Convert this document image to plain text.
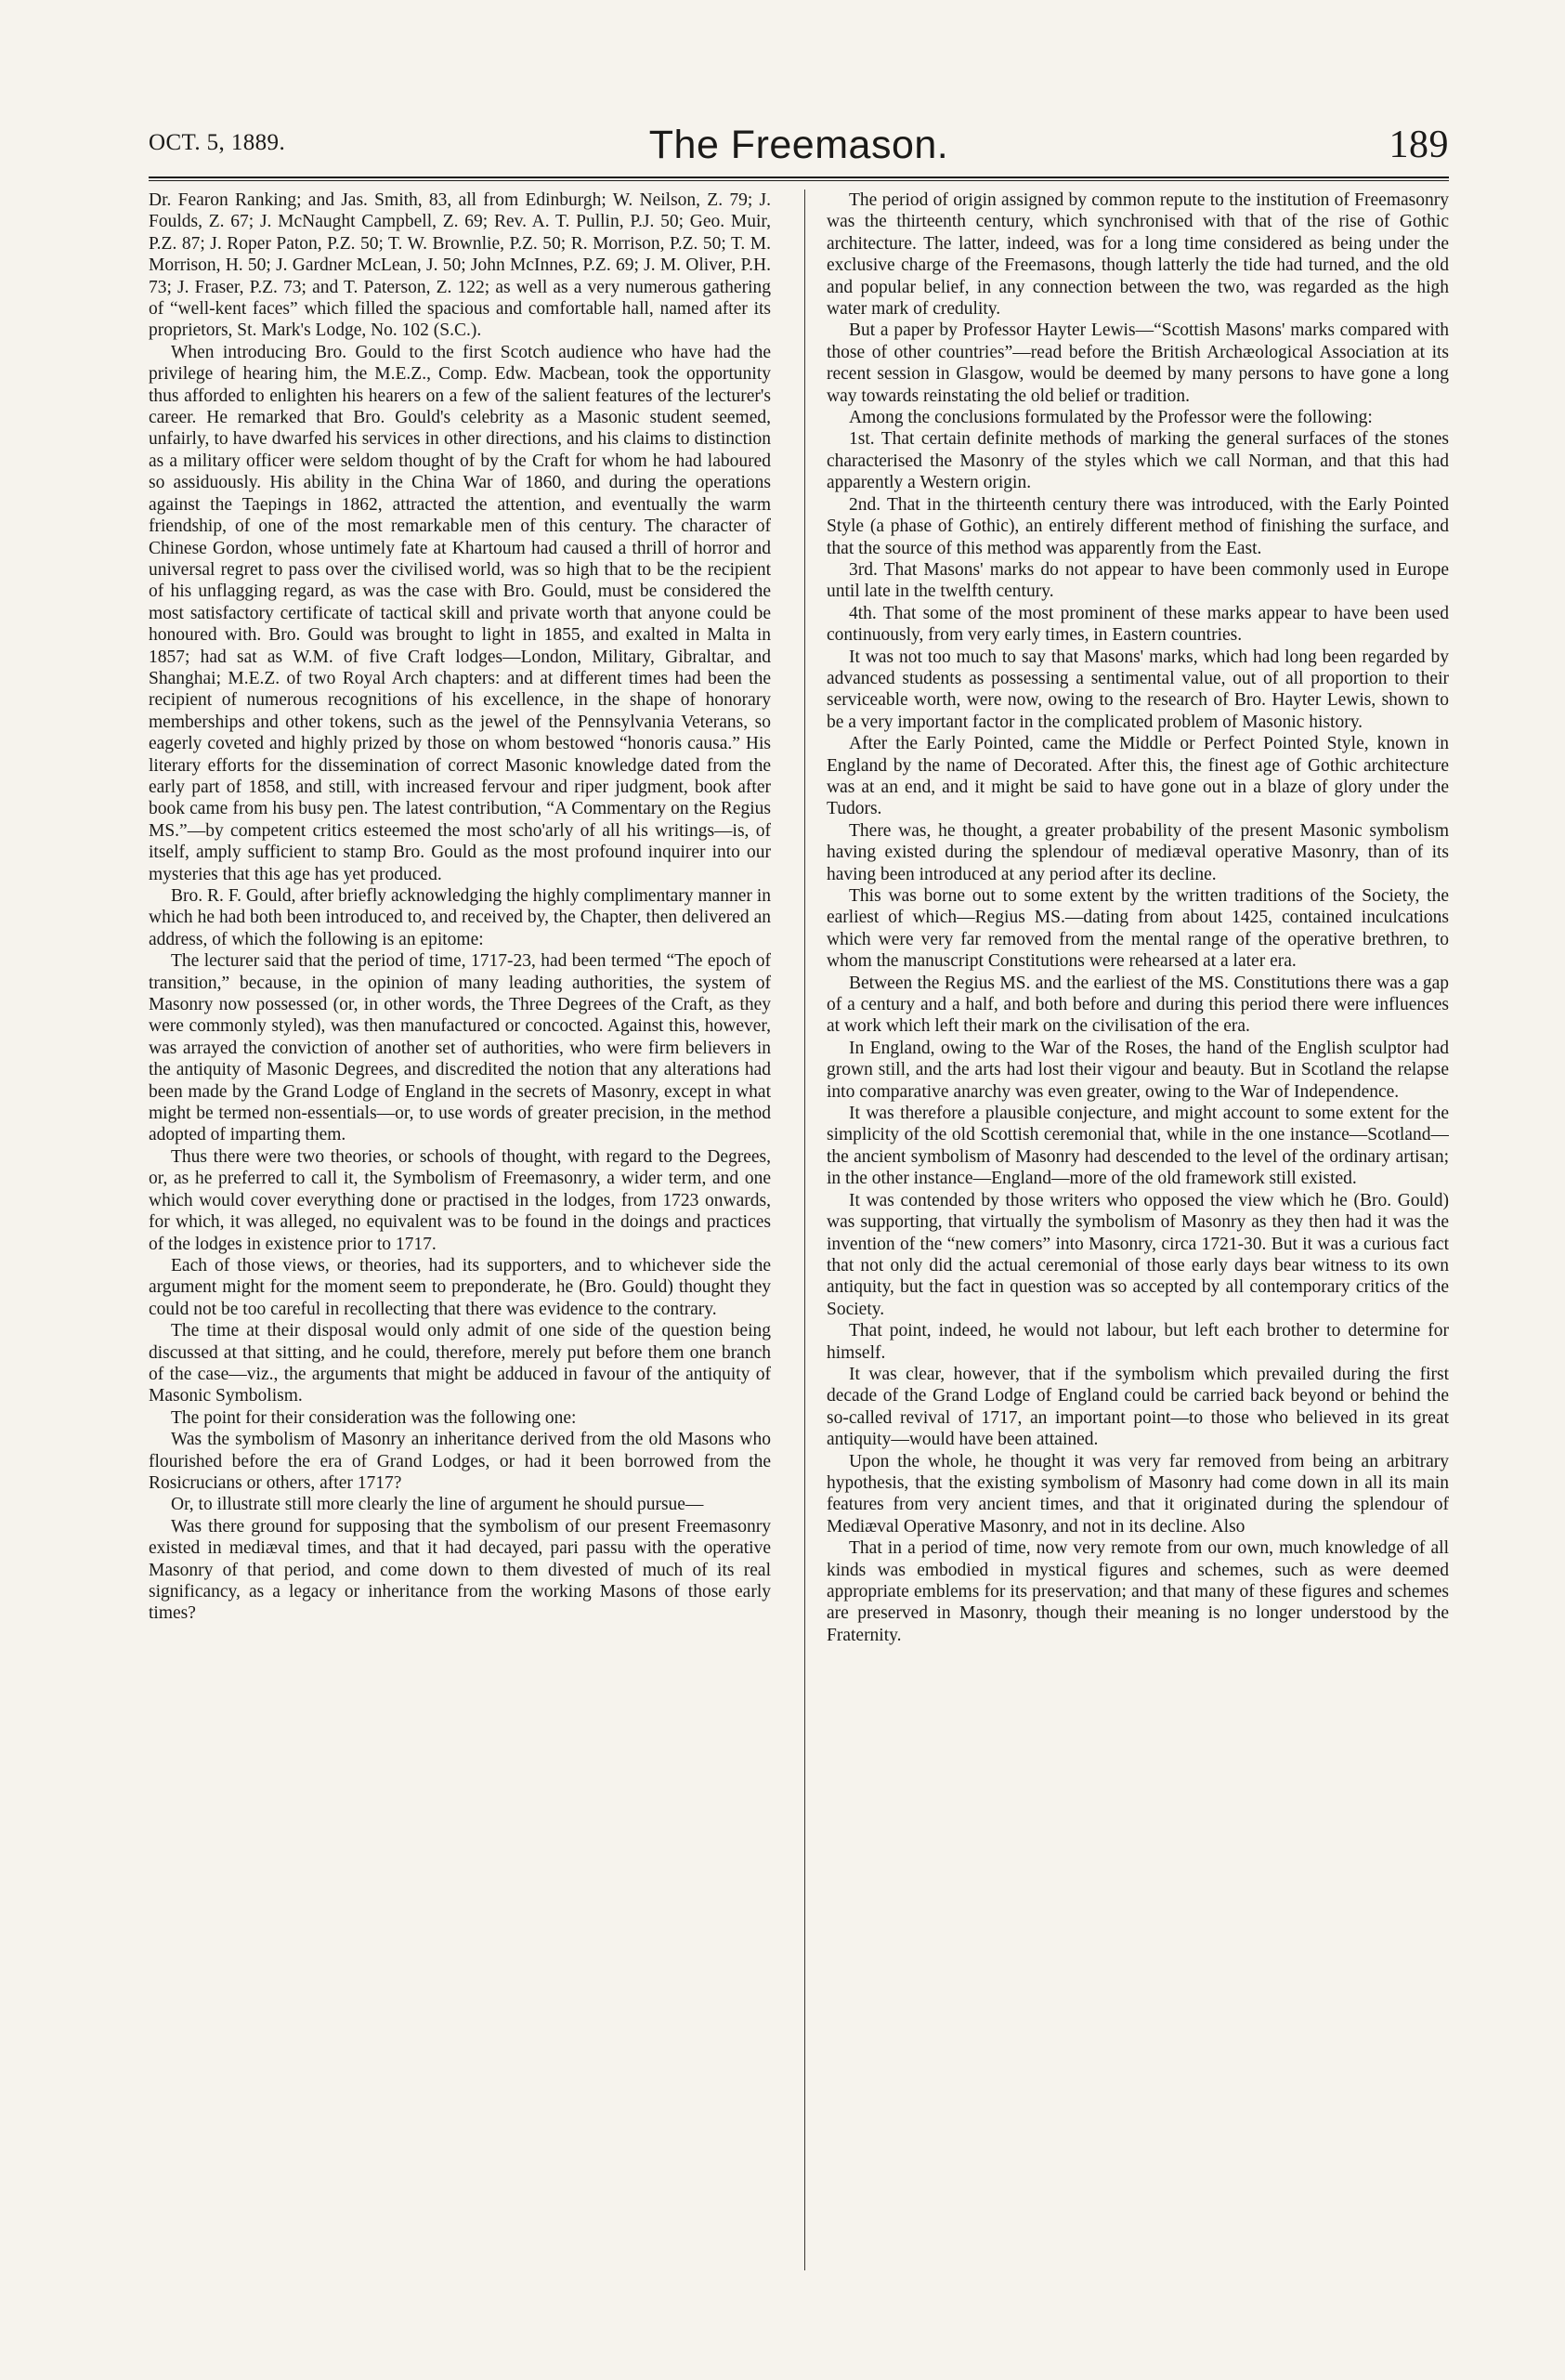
OCT. 5, 1889.	The Freemason.	189

Dr. Fearon Ranking; and Jas. Smith, 83, all from Edinburgh; W. Neilson, Z. 79; J. Foulds, Z. 67; J. McNaught Campbell, Z. 69; Rev. A. T. Pullin, P.J. 50; Geo. Muir, P.Z. 87; J. Roper Paton, P.Z. 50; T. W. Brownlie, P.Z. 50; R. Morrison, P.Z. 50; T. M. Morrison, H. 50; J. Gardner McLean, J. 50; John McInnes, P.Z. 69; J. M. Oliver, P.H. 73; J. Fraser, P.Z. 73; and T. Paterson, Z. 122; as well as a very numerous gathering of “well-kent faces” which filled the spacious and comfortable hall, named after its proprietors, St. Mark's Lodge, No. 102 (S.C.).

When introducing Bro. Gould to the first Scotch audience who have had the privilege of hearing him, the M.E.Z., Comp. Edw. Macbean, took the opportunity thus afforded to enlighten his hearers on a few of the salient features of the lecturer's career. He remarked that Bro. Gould's celebrity as a Masonic student seemed, unfairly, to have dwarfed his services in other directions, and his claims to distinction as a military officer were seldom thought of by the Craft for whom he had laboured so assiduously. His ability in the China War of 1860, and during the operations against the Taepings in 1862, attracted the attention, and eventually the warm friendship, of one of the most remarkable men of this century. The character of Chinese Gordon, whose untimely fate at Khartoum had caused a thrill of horror and universal regret to pass over the civilised world, was so high that to be the recipient of his unflagging regard, as was the case with Bro. Gould, must be considered the most satisfactory certificate of tactical skill and private worth that anyone could be honoured with. Bro. Gould was brought to light in 1855, and exalted in Malta in 1857; had sat as W.M. of five Craft lodges—London, Military, Gibraltar, and Shanghai; M.E.Z. of two Royal Arch chapters: and at different times had been the recipient of numerous recognitions of his excellence, in the shape of honorary memberships and other tokens, such as the jewel of the Pennsylvania Veterans, so eagerly coveted and highly prized by those on whom bestowed “honoris causa.” His literary efforts for the dissemination of correct Masonic knowledge dated from the early part of 1858, and still, with increased fervour and riper judgment, book after book came from his busy pen. The latest contribution, “A Commentary on the Regius MS.”—by competent critics esteemed the most scho'arly of all his writings—is, of itself, amply sufficient to stamp Bro. Gould as the most profound inquirer into our mysteries that this age has yet produced.

Bro. R. F. Gould, after briefly acknowledging the highly complimentary manner in which he had both been introduced to, and received by, the Chapter, then delivered an address, of which the following is an epitome:

The lecturer said that the period of time, 1717-23, had been termed “The epoch of transition,” because, in the opinion of many leading authorities, the system of Masonry now possessed (or, in other words, the Three Degrees of the Craft, as they were commonly styled), was then manufactured or concocted. Against this, however, was arrayed the conviction of another set of authorities, who were firm believers in the antiquity of Masonic Degrees, and discredited the notion that any alterations had been made by the Grand Lodge of England in the secrets of Masonry, except in what might be termed non-essentials—or, to use words of greater precision, in the method adopted of imparting them.

Thus there were two theories, or schools of thought, with regard to the Degrees, or, as he preferred to call it, the Symbolism of Freemasonry, a wider term, and one which would cover everything done or practised in the lodges, from 1723 onwards, for which, it was alleged, no equivalent was to be found in the doings and practices of the lodges in existence prior to 1717.

Each of those views, or theories, had its supporters, and to whichever side the argument might for the moment seem to preponderate, he (Bro. Gould) thought they could not be too careful in recollecting that there was evidence to the contrary.

The time at their disposal would only admit of one side of the question being discussed at that sitting, and he could, therefore, merely put before them one branch of the case—viz., the arguments that might be adduced in favour of the antiquity of Masonic Symbolism.

The point for their consideration was the following one:

Was the symbolism of Masonry an inheritance derived from the old Masons who flourished before the era of Grand Lodges, or had it been borrowed from the Rosicrucians or others, after 1717?

Or, to illustrate still more clearly the line of argument he should pursue—

Was there ground for supposing that the symbolism of our present Freemasonry existed in mediæval times, and that it had decayed, pari passu with the operative Masonry of that period, and come down to them divested of much of its real significancy, as a legacy or inheritance from the working Masons of those early times?

The period of origin assigned by common repute to the institution of Freemasonry was the thirteenth century, which synchronised with that of the rise of Gothic architecture. The latter, indeed, was for a long time considered as being under the exclusive charge of the Freemasons, though latterly the tide had turned, and the old and popular belief, in any connection between the two, was regarded as the high water mark of credulity.

But a paper by Professor Hayter Lewis—“Scottish Masons' marks compared with those of other countries”—read before the British Archæological Association at its recent session in Glasgow, would be deemed by many persons to have gone a long way towards reinstating the old belief or tradition.

Among the conclusions formulated by the Professor were the following:

1st. That certain definite methods of marking the general surfaces of the stones characterised the Masonry of the styles which we call Norman, and that this had apparently a Western origin.

2nd. That in the thirteenth century there was introduced, with the Early Pointed Style (a phase of Gothic), an entirely different method of finishing the surface, and that the source of this method was apparently from the East.

3rd. That Masons' marks do not appear to have been commonly used in Europe until late in the twelfth century.

4th. That some of the most prominent of these marks appear to have been used continuously, from very early times, in Eastern countries.

It was not too much to say that Masons' marks, which had long been regarded by advanced students as possessing a sentimental value, out of all proportion to their serviceable worth, were now, owing to the research of Bro. Hayter Lewis, shown to be a very important factor in the complicated problem of Masonic history.

After the Early Pointed, came the Middle or Perfect Pointed Style, known in England by the name of Decorated. After this, the finest age of Gothic architecture was at an end, and it might be said to have gone out in a blaze of glory under the Tudors.

There was, he thought, a greater probability of the present Masonic symbolism having existed during the splendour of mediæval operative Masonry, than of its having been introduced at any period after its decline.

This was borne out to some extent by the written traditions of the Society, the earliest of which—Regius MS.—dating from about 1425, contained inculcations which were very far removed from the mental range of the operative brethren, to whom the manuscript Constitutions were rehearsed at a later era.

Between the Regius MS. and the earliest of the MS. Constitutions there was a gap of a century and a half, and both before and during this period there were influences at work which left their mark on the civilisation of the era.

In England, owing to the War of the Roses, the hand of the English sculptor had grown still, and the arts had lost their vigour and beauty. But in Scotland the relapse into comparative anarchy was even greater, owing to the War of Independence.

It was therefore a plausible conjecture, and might account to some extent for the simplicity of the old Scottish ceremonial that, while in the one instance—Scotland—the ancient symbolism of Masonry had descended to the level of the ordinary artisan; in the other instance—England—more of the old framework still existed.

It was contended by those writers who opposed the view which he (Bro. Gould) was supporting, that virtually the symbolism of Masonry as they then had it was the invention of the “new comers” into Masonry, circa 1721-30. But it was a curious fact that not only did the actual ceremonial of those early days bear witness to its own antiquity, but the fact in question was so accepted by all contemporary critics of the Society.

That point, indeed, he would not labour, but left each brother to determine for himself.

It was clear, however, that if the symbolism which prevailed during the first decade of the Grand Lodge of England could be carried back beyond or behind the so-called revival of 1717, an important point—to those who believed in its great antiquity—would have been attained.

Upon the whole, he thought it was very far removed from being an arbitrary hypothesis, that the existing symbolism of Masonry had come down in all its main features from very ancient times, and that it originated during the splendour of Mediæval Operative Masonry, and not in its decline. Also

That in a period of time, now very remote from our own, much knowledge of all kinds was embodied in mystical figures and schemes, such as were deemed appropriate emblems for its preservation; and that many of these figures and schemes are preserved in Masonry, though their meaning is no longer understood by the Fraternity.
